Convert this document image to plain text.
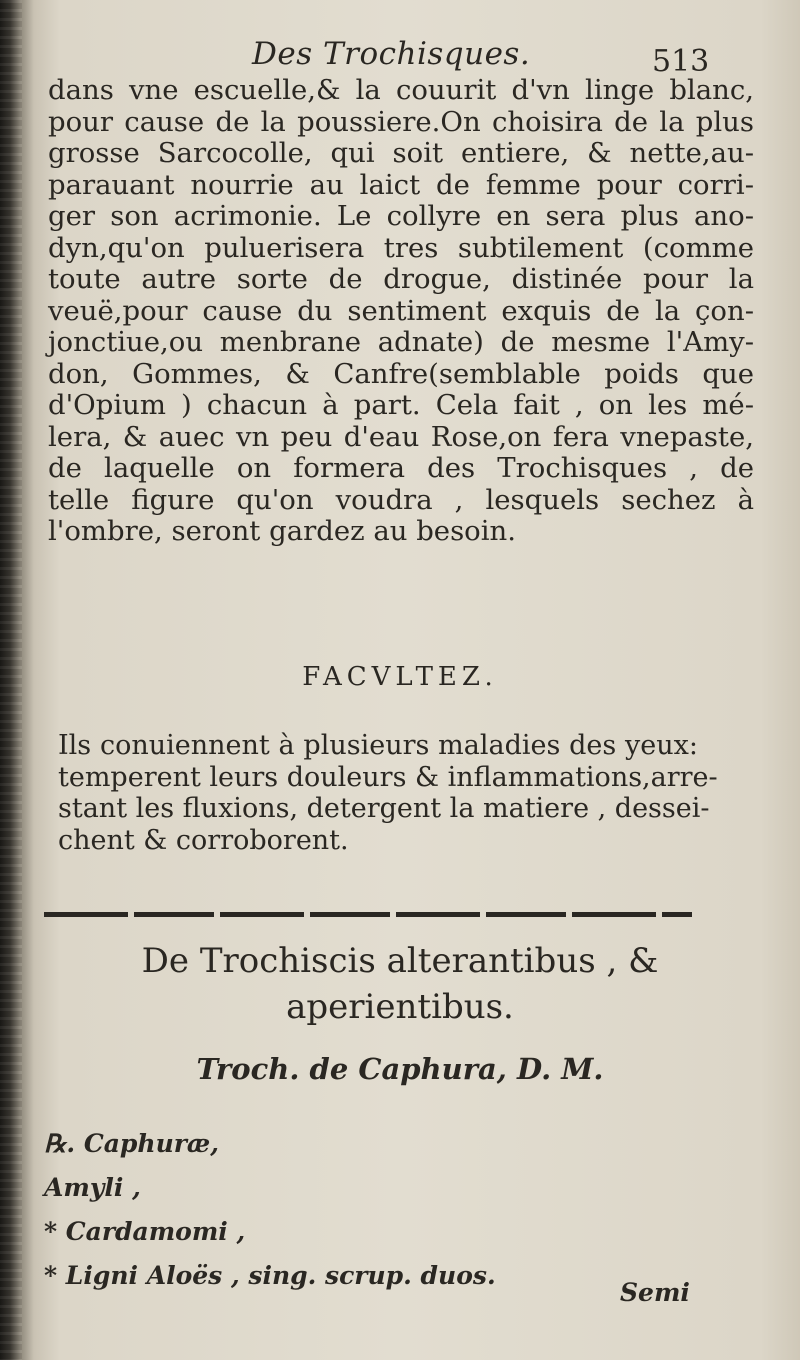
Des Trochisques.	513
dans vne escuelle,& la couurit d'vn linge blanc,
pour cause de la poussiere.On choisira de la plus
grosse Sarcocolle, qui soit entiere, & nette,au-
parauant nourrie au laict de femme pour corri-
ger son acrimonie. Le collyre en sera plus ano-
dyn,qu'on puluerisera tres subtilement (comme
toute autre sorte de drogue, distinée pour la
veuë,pour cause du sentiment exquis de la çon-
jonctiue,ou menbrane adnate) de mesme l'Amy-
don, Gommes, & Canfre(semblable poids que
d'Opium ) chacun à part. Cela fait , on les mé-
lera, & auec vn peu d'eau Rose,on fera vnepaste,
de laquelle on formera des Trochisques , de
telle figure qu'on voudra , lesquels sechez à
l'ombre, seront gardez au besoin.
FACVLTEZ.
Ils conuiennent à plusieurs maladies des yeux:
temperent leurs douleurs & inflammations,arre-
stant les fluxions, detergent la matiere , dessei-
chent & corroborent.
De Trochiscis alterantibus , &
aperientibus.
Troch. de Caphura, D. M.
℞. Caphuræ,
Amyli ,
* Cardamomi ,
* Ligni Aloës , sing. scrup. duos.
Semi
